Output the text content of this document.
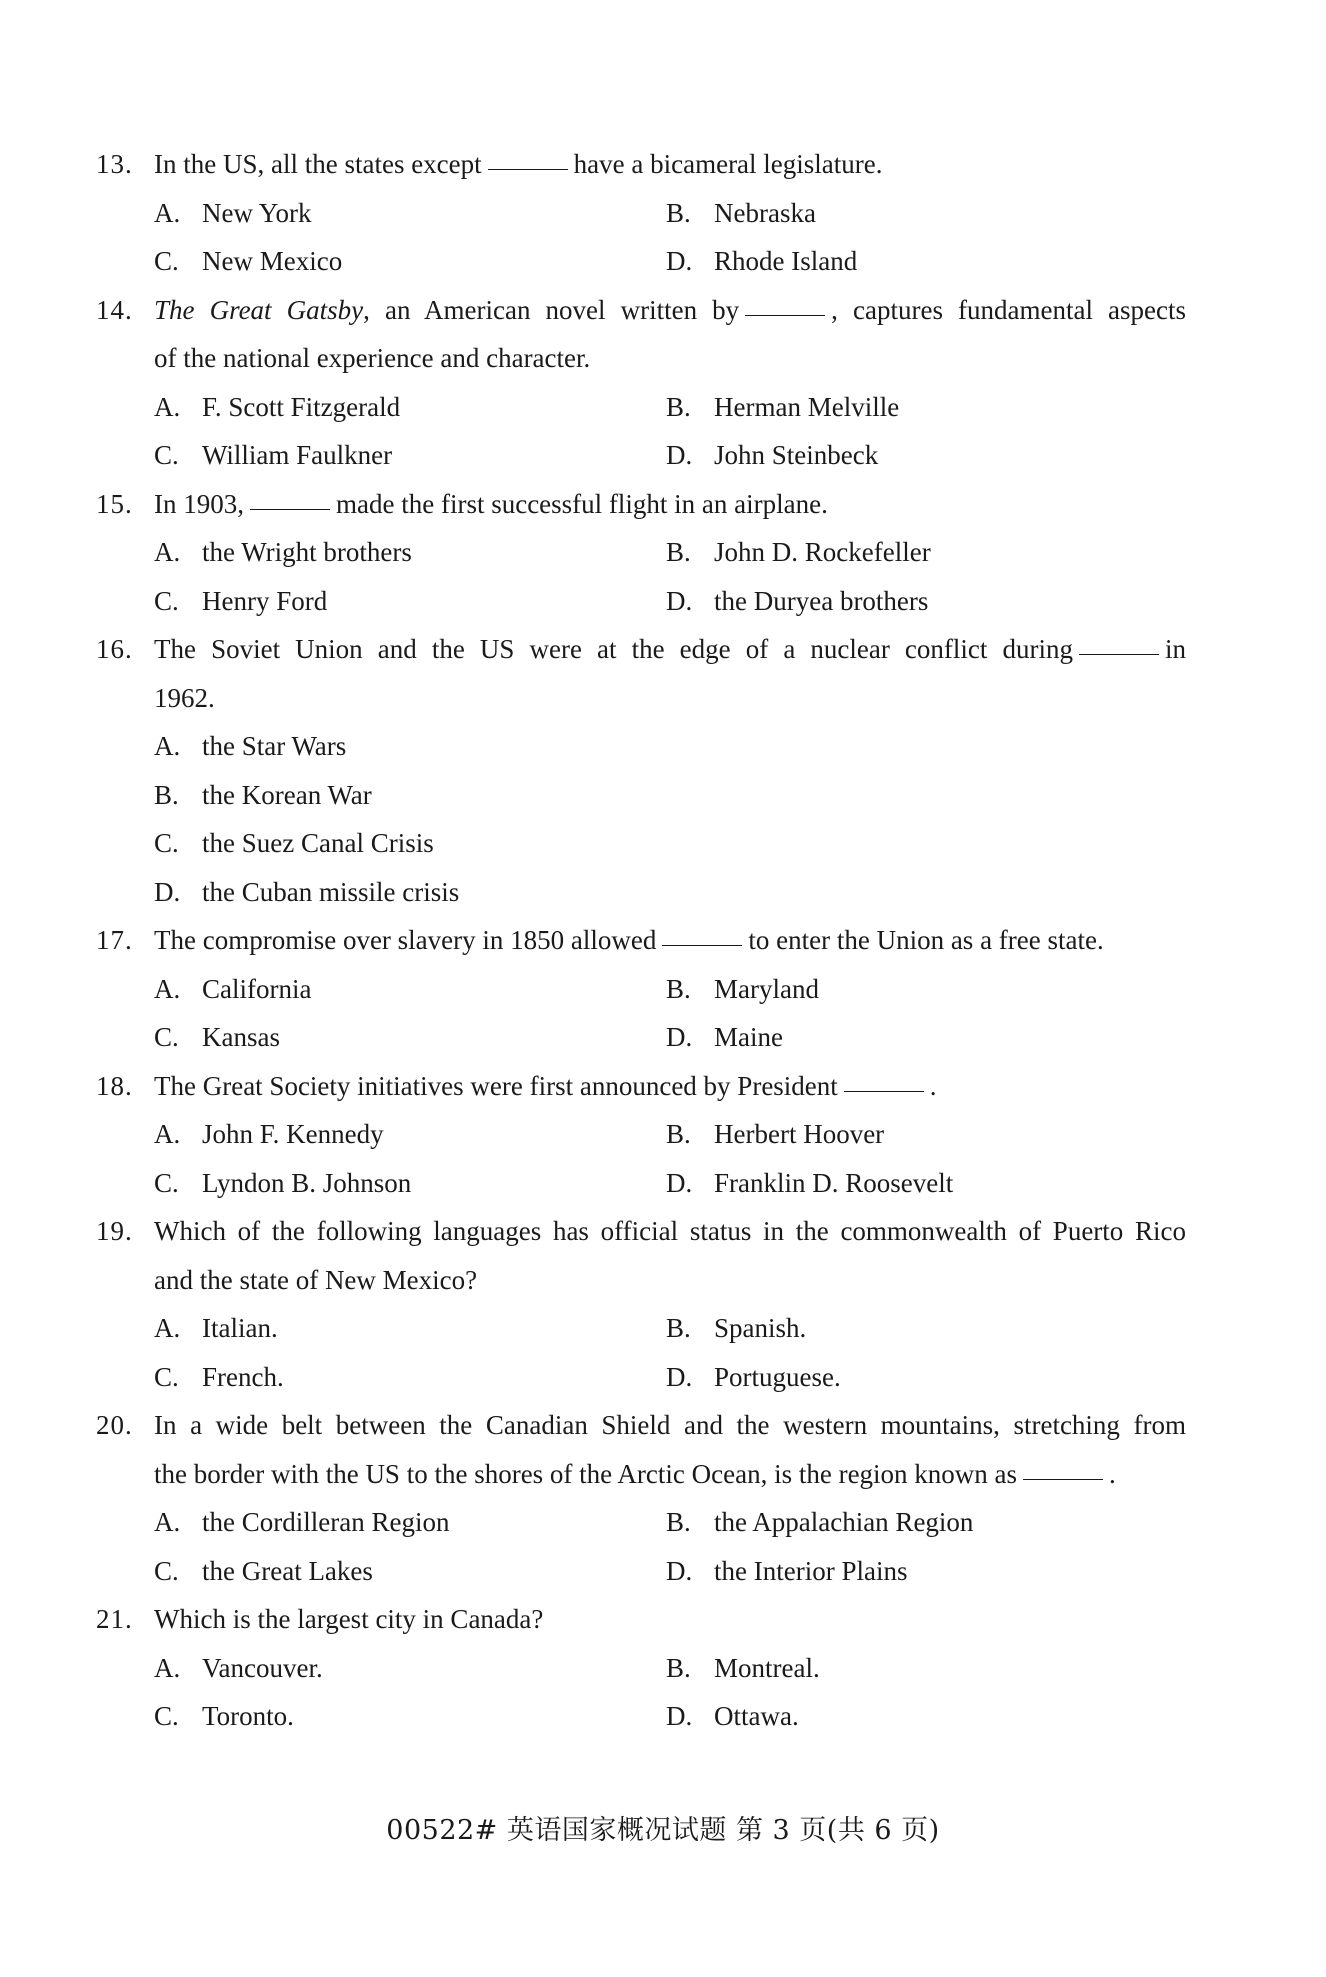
13. In the US, all the states except	have a bicameral legislature.
A. New York	B. Nebraska
C. New Mexico	D. Rhode Island
14. The Great Gatsby, an American novel written by	, captures fundamental aspects
of the national experience and character.
A. F. Scott Fitzgerald	B. Herman Melville
C. William Faulkner	D. John Steinbeck
15. In 1903,	made the first successful flight in an airplane.
A. the Wright brothers	B. John D. Rockefeller
C. Henry Ford	D. the Duryea brothers
16. The Soviet Union and the US were at the edge of a nuclear conflict during	in
1962.
A. the Star Wars
B. the Korean War
C. the Suez Canal Crisis
D. the Cuban missile crisis
17. The compromise over slavery in 1850 allowed	to enter the Union as a free state.
A. California	B. Maryland
C. Kansas	D. Maine
18. The Great Society initiatives were first announced by President	.
A. John F. Kennedy	B. Herbert Hoover
C. Lyndon B. Johnson	D. Franklin D. Roosevelt
19. Which of the following languages has official status in the commonwealth of Puerto Rico
and the state of New Mexico?
A. Italian.	B. Spanish.
C. French.	D. Portuguese.
20. In a wide belt between the Canadian Shield and the western mountains, stretching from
the border with the US to the shores of the Arctic Ocean, is the region known as	.
A. the Cordilleran Region	B. the Appalachian Region
C. the Great Lakes	D. the Interior Plains
21. Which is the largest city in Canada?
A. Vancouver.	B. Montreal.
C. Toronto.	D. Ottawa.
00522# 英语国家概况试题 第 3 页(共 6 页)
